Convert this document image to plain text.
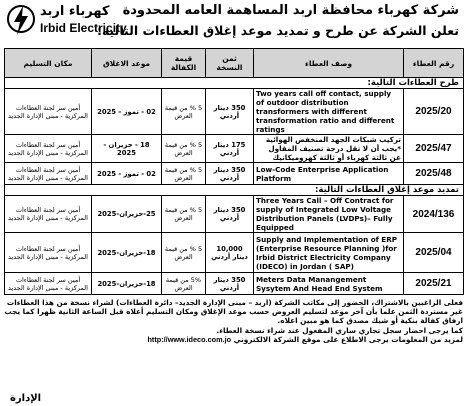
كهرباء اربد
Irbid Electricity
شركة كهرباء محافظة اربد المساهمة العامه المحدودة
تعلن الشركة عن طرح و تمديد موعد إغلاق العطاءات التالية:
رقم العطاء	وصف العطاء	ثمن النسخة	قيمة الكفالة	موعد الاغلاق	مكان التسليم
طرح العطاءات التالية:					
2025/20	Two years call off contact, supply of outdoor distribution transformers with different transformation ratio and different ratings	350 دينار أردني	5 % من قيمة العرض	02 - تموز - 2025	أمين سر لجنة العطاءات المركزية - مبنى الإدارة الجديد
2025/47	تركيب شبكات الجهد المنخفض الهوائية *يجب أن لا تقل درجة تصنيف المقاول عن ثالثة كهرباء أو ثالثة كهروميكانيك	175 دينار أردني	5 % من قيمة العرض	18 - حزيران - 2025	أمين سر لجنة العطاءات المركزية - مبنى الإدارة الجديد
2025/48	Low-Code Enterprise Application Platform	350 دينار أردني	5 % من قيمة العرض	02 - تموز - 2025	أمين سر لجنة العطاءات المركزية - مبنى الإدارة الجديد
تمديد موعد إغلاق العطاءات التالية:					
2024/136	Three Years Call – Off Contract for supply of Integrated Low Voltage Distribution Panels (LVDPs)– Fully Equipped	350 دينار أردني	5 % من قيمة العرض	25-حزيران-2025	أمين سر لجنة العطاءات المركزية - مبنى الإدارة الجديد
2025/04	Supply and Implementation of ERP (Enterprise Resource Planning )for Irbid District Electricity Company (IDECO) in Jordan ( SAP)	10,000 دينار أردني	5 % من قيمة العرض	18-حزيران-2025	أمين سر لجنة العطاءات المركزية - مبنى الإدارة الجديد
2025/21	Meters Data Manangement Sysytem And Head End System	350 دينار أردني	5% من قيمة العرض	18-حزيران-2025	أمين سر لجنة العطاءات المركزية - مبنى الإدارة الجديد
فعلى الراغبين بالاشتراك، الحضور إلى مكاتب الشركة (اربد – مبنى الإدارة الجديد– دائرة العطاءات) لشراء نسخة من هذا العطاءات غير مستردة الثمن علما بأن آخر موعد لتسليم العروض حسب موعد الإغلاق ومكان التسليم أعلاه قبل الساعة الثانية ظهرا كما يجب ارفاق كفالة بنكية أو شيك مصدق كما هو مبين اعلاه.
كما يرجى احضار سجل تجاري ساري المفعول عند شراء نسخة العطاء.
لمزيد من المعلومات يرجى الاطلاع على موقع الشركة الالكتروني http://www.ideco.com.jo
الإدارة
